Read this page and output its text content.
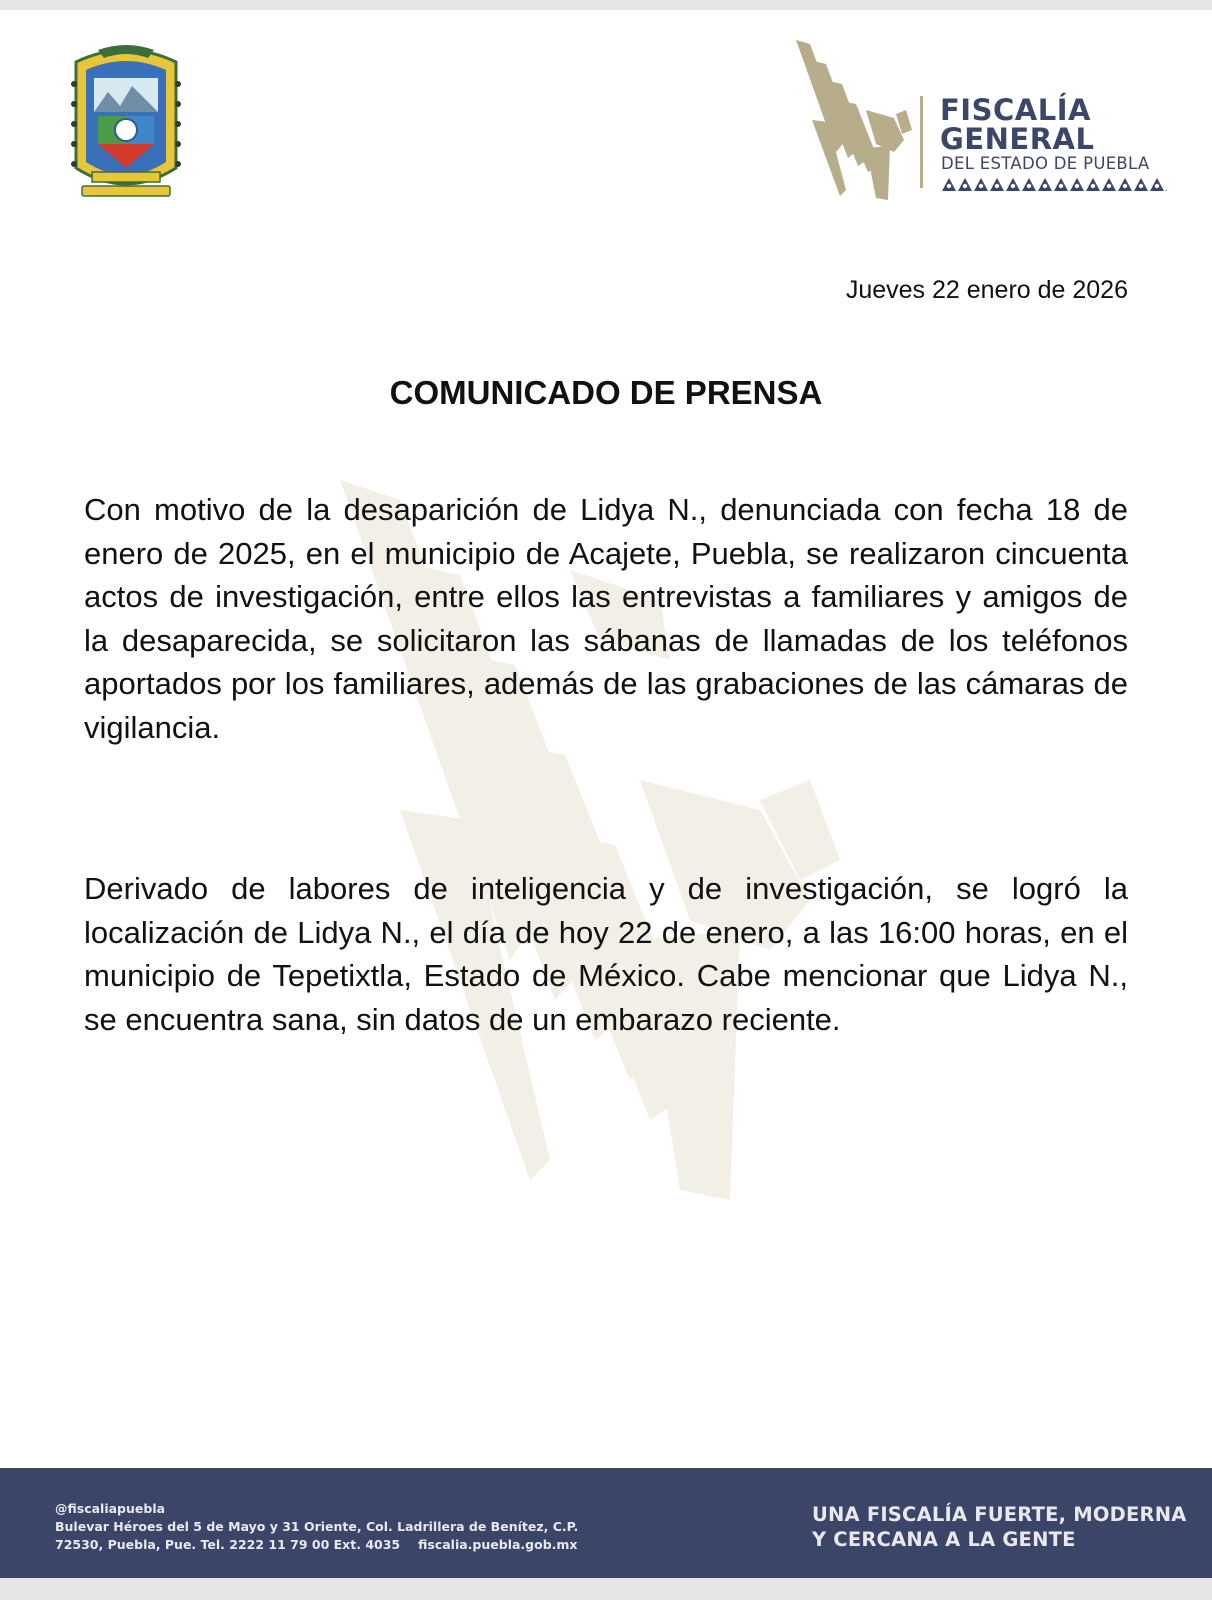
FISCALÍA
GENERAL
DEL ESTADO DE PUEBLA
Jueves 22 enero de 2026
COMUNICADO DE PRENSA

Con motivo de la desaparición de Lidya N., denunciada con fecha 18 de enero de 2025, en el municipio de Acajete, Puebla, se realizaron cincuenta actos de investigación, entre ellos las entrevistas a familiares y amigos de la desaparecida, se solicitaron las sábanas de llamadas de los teléfonos aportados por los familiares, además de las grabaciones de las cámaras de vigilancia.

Derivado de labores de inteligencia y de investigación, se logró la localización de Lidya N., el día de hoy 22 de enero, a las 16:00 horas, en el municipio de Tepetixtla, Estado de México. Cabe mencionar que Lidya N., se encuentra sana, sin datos de un embarazo reciente.

@fiscaliapuebla
Bulevar Héroes del 5 de Mayo y 31 Oriente, Col. Ladrillera de Benítez, C.P.
72530, Puebla, Pue. Tel. 2222 11 79 00 Ext. 4035 fiscalia.puebla.gob.mx
UNA FISCALÍA FUERTE, MODERNA
Y CERCANA A LA GENTE
